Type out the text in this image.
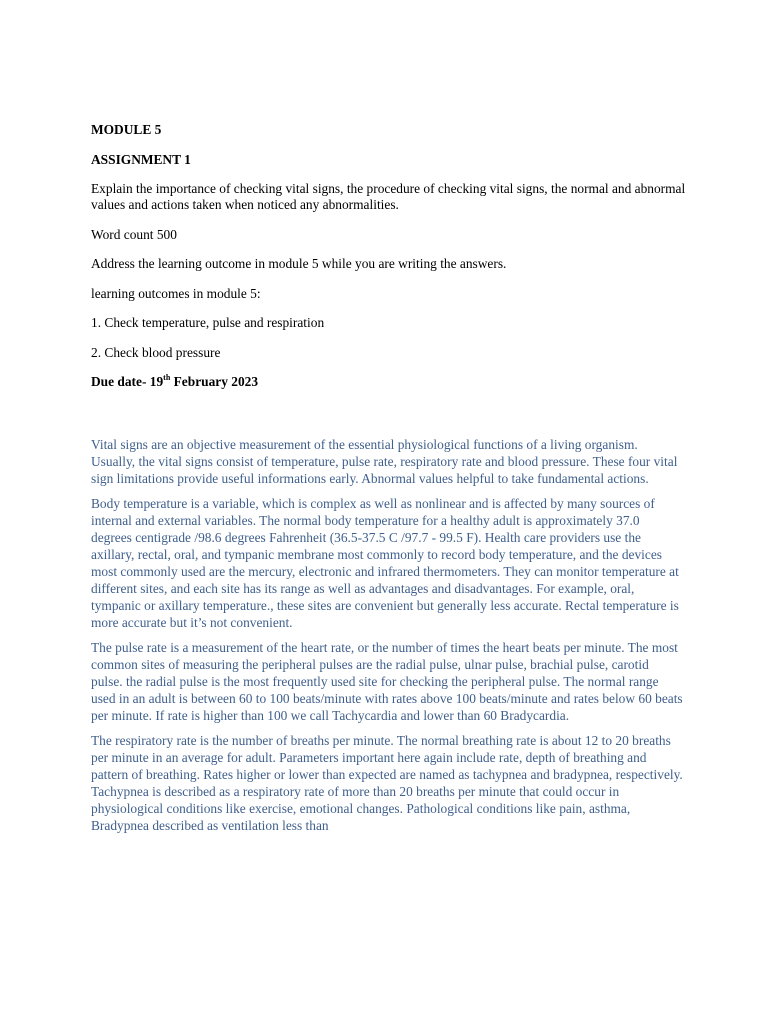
MODULE 5

ASSIGNMENT 1

Explain the importance of checking vital signs, the procedure of checking vital signs, the normal and abnormal values and actions taken when noticed any abnormalities.

Word count 500

Address the learning outcome in module 5 while you are writing the answers.

learning outcomes in module 5:

1. Check temperature, pulse and respiration

2. Check blood pressure

Due date- 19th February 2023

Vital signs are an objective measurement of the essential physiological functions of a living organism. Usually, the vital signs consist of temperature, pulse rate, respiratory rate and blood pressure. These four vital sign limitations provide useful informations early. Abnormal values helpful to take fundamental actions.

Body temperature is a variable, which is complex as well as nonlinear and is affected by many sources of internal and external variables. The normal body temperature for a healthy adult is approximately 37.0 degrees centigrade /98.6 degrees Fahrenheit (36.5-37.5 C /97.7 - 99.5 F). Health care providers use the axillary, rectal, oral, and tympanic membrane most commonly to record body temperature, and the devices most commonly used are the mercury, electronic and infrared thermometers. They can monitor temperature at different sites, and each site has its range as well as advantages and disadvantages. For example, oral, tympanic or axillary temperature., these sites are convenient but generally less accurate. Rectal temperature is more accurate but it’s not convenient.

The pulse rate is a measurement of the heart rate, or the number of times the heart beats per minute. The most common sites of measuring the peripheral pulses are the radial pulse, ulnar pulse, brachial pulse, carotid pulse. the radial pulse is the most frequently used site for checking the peripheral pulse. The normal range used in an adult is between 60 to 100 beats/minute with rates above 100 beats/minute and rates below 60 beats per minute. If rate is higher than 100 we call Tachycardia and lower than 60 Bradycardia.

The respiratory rate is the number of breaths per minute. The normal breathing rate is about 12 to 20 breaths per minute in an average for adult. Parameters important here again include rate, depth of breathing and pattern of breathing. Rates higher or lower than expected are named as tachypnea and bradypnea, respectively. Tachypnea is described as a respiratory rate of more than 20 breaths per minute that could occur in physiological conditions like exercise, emotional changes. Pathological conditions like pain, asthma, Bradypnea described as ventilation less than
